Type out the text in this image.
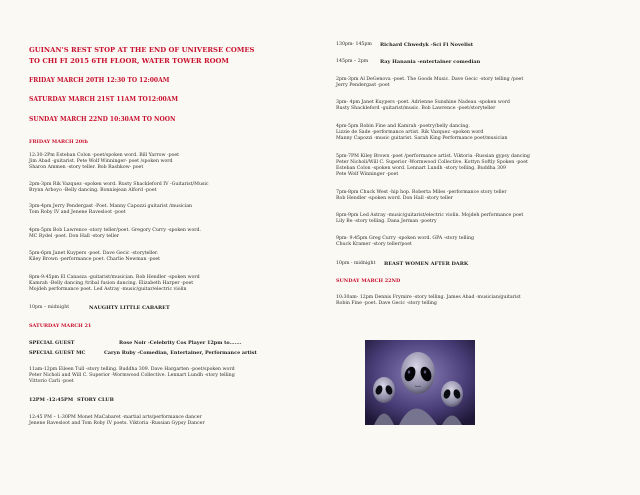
GUINAN'S REST STOP AT THE END OF UNIVERSE COMES
TO CHI FI 2015 6TH FLOOR, WATER TOWER ROOM
FRIDAY MARCH 20TH 12:30 TO 12:00AM
SATURDAY MARCH 21ST 11AM TO12:00AM
SUNDAY MARCH 22ND 10:30AM TO NOON
FRIDAY MARCH 20th
12:30-2Pm Esteban Colon -poet/spoken word. Bill Yarrow -poet
Jim Abad -guitarist. Pete Wolf Winninger- poet /spoken word
Sharon Ammen -story teller. Bob Rashkow- poet
2pm-3pm Rik Vazquez -spoken word. Rusty Shackleford IV -Guitarist/Music
Brynn Arboyo -Belly dancing. Bonniejean Alford -poet
3pm-4pm Jerry Pendergast -Poet. Manny Capozzi guitarist /musician
Tom Roby IV and Jenene Ravesloot -poet
4pm-5pm Bob Lawrence -story teller/poet. Gregory Curry -spoken word.
MC Rydel -poet. Don Hall -story teller
5pm-6pm Janet Kuypers -poet. Dave Gecic -storyteller.
Kiley Brown -performance poet. Charlie Newman -poet
8pm-9:45pm El Canasza -guitarist/musician. Rob Hendler -spoken word
Kamrah -Belly dancing /tribal fusion dancing. Elizabeth Harper -poet
Mojdeh performance poet. Led Astray -music/guitar/electric violin
10pm – midnight	NAUGHTY LITTLE CABARET
SATURDAY MARCH 21
SPECIAL GUEST	Rose Noir -Celebrity Cos Player 12pm to.......
SPECIAL GUEST MC	Caryn Ruby -Comedian, Entertainer, Performance artist
11am-12pm Eileen Tull -story telling. Buddha 309. Dave Hargarten -poet/spoken word
Peter Nicholi and Will C. Superior -Wormwood Collective. Lennart Lundh -story telling
Vittorio Carli -poet
12PM -12:45PM STORY CLUB
12:45 PM – 1:30PM Monet MaCabaret -martial arts/performance dancer
Jenene Ravesloot and Tom Roby IV poets. Viktoria -Russian Gypsy Dancer
130pm- 145pm Richard Chwedyk -Sci Fi Novelist
145pm – 2pm Ray Hanania -entertainer comedian
2pm-3pm Al DeGenova -poet. The Goods Music. Dave Gecic -story telling /poet
Jerry Pendergast -poet
3pm- 4pm Janet Kuypers -poet. Adrienne Sunshine Nadeau -spoken word
Rusty Shackleford -guitarist/music. Bob Lawrence -poet/storyteller
4pm-5pm Robin Fine and Kamrah -poetry/belly dancing.
Lizzie de Sade -performance artist. Rik Vazquez -spoken word
Manny Capozzi -music guitarist. Sarah King Performance poet/musician
5pm-7PM Kiley Brown -poet /performance artist. Viktoria -Russian gypsy dancing
Peter Nicholi/Will C. Superior -Wormwood Collective. Kottyn Softly Spoken -poet
Esteban Colon -spoken word. Lennart Lundh -story telling. Buddha 309
Pete Wolf Winninger -poet
7pm-8pm Chuck West -hip hop. Roberta Miles -performance story teller
Rob Hendler -spoken word. Don Hall -story teller
8pm-9pm Led Astray -music/guitarist/electric violin. Mojdeh performance poet
Lily Be -story telling. Dana Jerman -poetry
9pm- 9:45pm Greg Curry -spoken word. GPA -story telling
Chuck Kramer -story teller/poet
10pm - midnight BEAST WOMEN AFTER DARK
SUNDAY MARCH 22ND
10:30am- 12pm Dennis Frymire -story telling. James Abad -musician/guitarist
Robin Fine -poet. Dave Gecic -story telling
